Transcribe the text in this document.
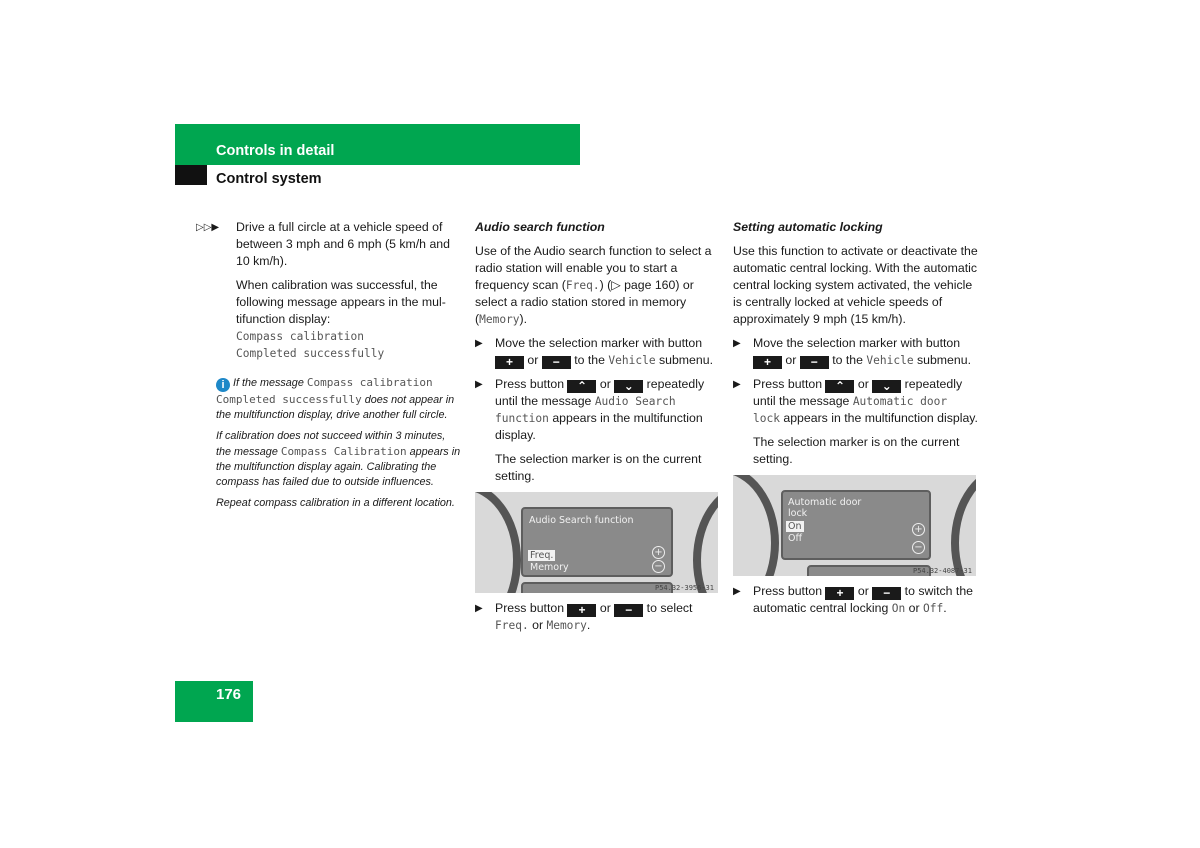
Controls in detail
Control system
▷▷▶ Drive a full circle at a vehicle speed of between 3 mph and 6 mph (5 km/h and 10 km/h).
When calibration was successful, the following message appears in the mul-tifunction display:
Compass calibration
Completed successfully
i If the message Compass calibration Completed successfully does not appear in the multifunction display, drive another full circle.
If calibration does not succeed within 3 minutes, the message Compass Calibration appears in the multifunction display again. Calibrating the compass has failed due to outside influences.
Repeat compass calibration in a different location.
Audio search function
Use of the Audio search function to select a radio station will enable you to start a frequency scan (Freq.) (▷ page 160) or select a radio station stored in memory (Memory).
▶ Move the selection marker with button + or − to the Vehicle submenu.
▶ Press button ⌃ or ⌄ repeatedly until the message Audio Search function appears in the multifunction display.
The selection marker is on the current setting.
Audio Search function
Freq.
Memory
+
−
P54.32-3956-31
▶ Press button + or − to select Freq. or Memory.
Setting automatic locking
Use this function to activate or deactivate the automatic central locking. With the automatic central locking system activated, the vehicle is centrally locked at vehicle speeds of approximately 9 mph (15 km/h).
▶ Move the selection marker with button + or − to the Vehicle submenu.
▶ Press button ⌃ or ⌄ repeatedly until the message Automatic door lock appears in the multifunction display.
The selection marker is on the current setting.
Automatic door
lock
On
Off
+
−
P54.32-4087-31
▶ Press button + or − to switch the automatic central locking On or Off.
176
